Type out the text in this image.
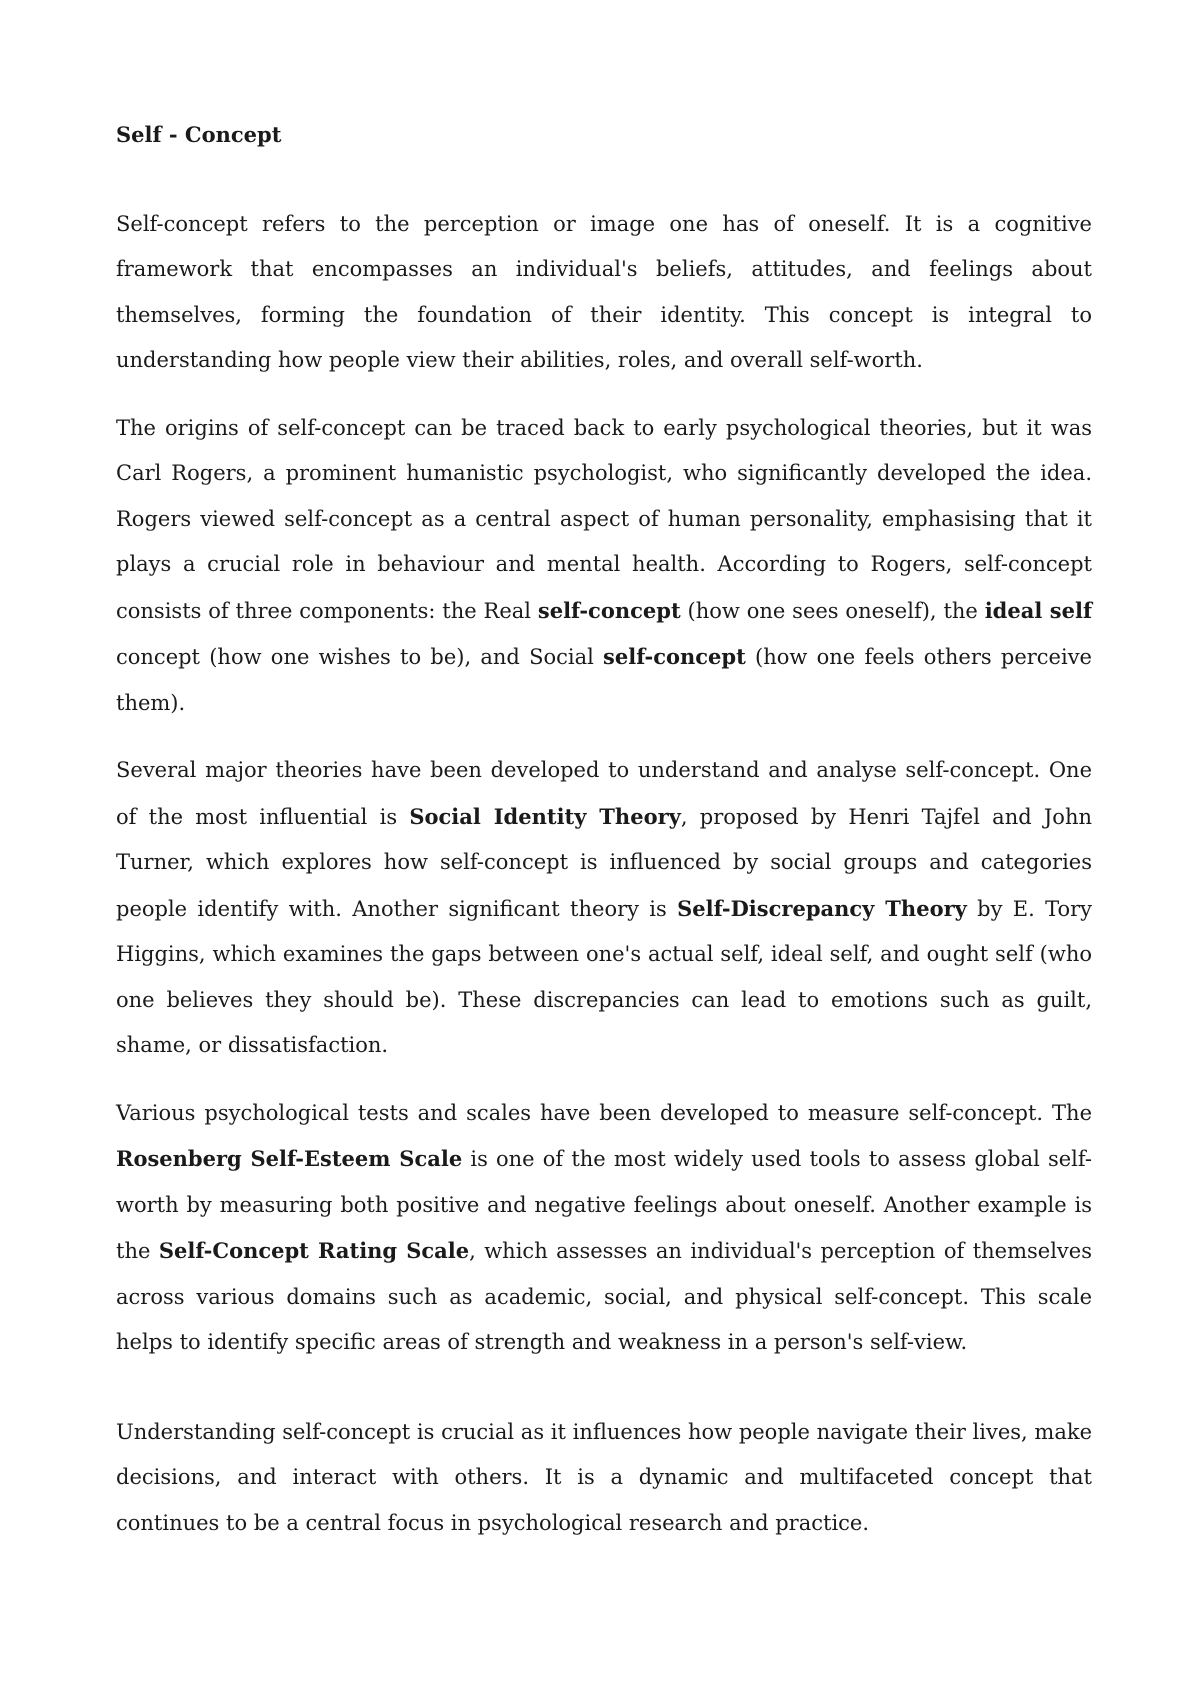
Self - Concept

Self-concept refers to the perception or image one has of oneself. It is a cognitive framework that encompasses an individual's beliefs, attitudes, and feelings about themselves, forming the foundation of their identity. This concept is integral to understanding how people view their abilities, roles, and overall self-worth.

The origins of self-concept can be traced back to early psychological theories, but it was Carl Rogers, a prominent humanistic psychologist, who significantly developed the idea. Rogers viewed self-concept as a central aspect of human personality, emphasising that it plays a crucial role in behaviour and mental health. According to Rogers, self-concept consists of three components: the Real self-concept (how one sees oneself), the ideal self concept (how one wishes to be), and Social self-concept (how one feels others perceive them).

Several major theories have been developed to understand and analyse self-concept. One of the most influential is Social Identity Theory, proposed by Henri Tajfel and John Turner, which explores how self-concept is influenced by social groups and categories people identify with. Another significant theory is Self-Discrepancy Theory by E. Tory Higgins, which examines the gaps between one's actual self, ideal self, and ought self (who one believes they should be). These discrepancies can lead to emotions such as guilt, shame, or dissatisfaction.

Various psychological tests and scales have been developed to measure self-concept. The Rosenberg Self-Esteem Scale is one of the most widely used tools to assess global self-worth by measuring both positive and negative feelings about oneself. Another example is the Self-Concept Rating Scale, which assesses an individual's perception of themselves across various domains such as academic, social, and physical self-concept. This scale helps to identify specific areas of strength and weakness in a person's self-view.

Understanding self-concept is crucial as it influences how people navigate their lives, make decisions, and interact with others. It is a dynamic and multifaceted concept that continues to be a central focus in psychological research and practice.
